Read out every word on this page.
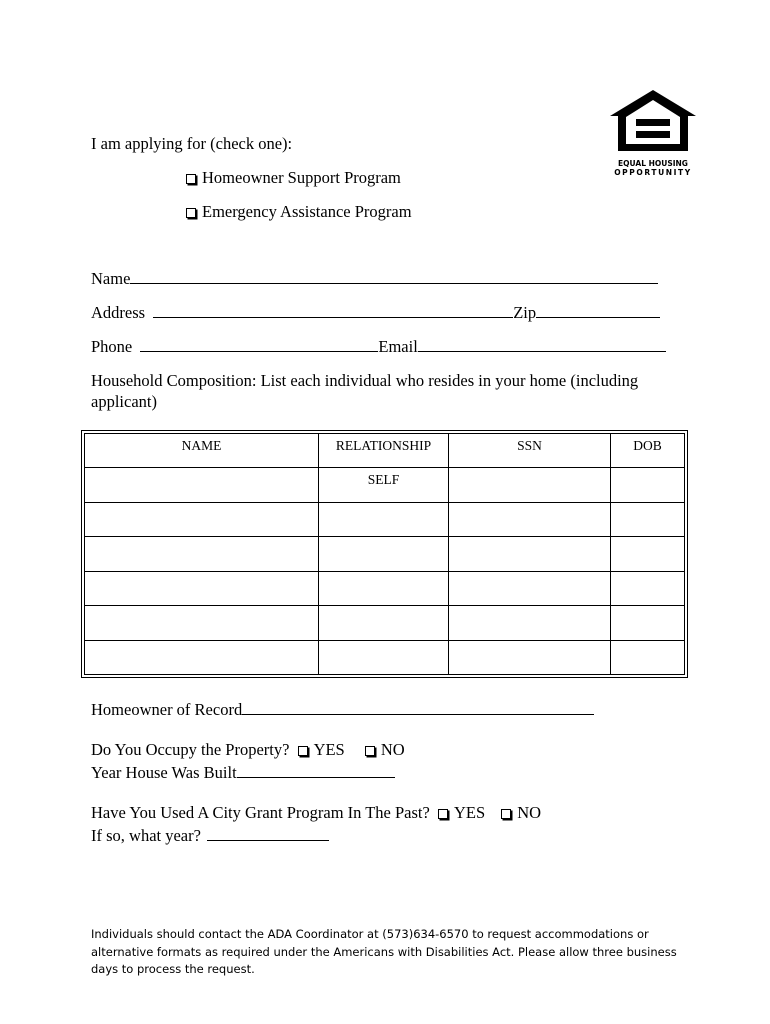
EQUAL HOUSING
OPPORTUNITY
I am applying for (check one):
Homeowner Support Program
Emergency Assistance Program
Name
Address	Zip
Phone	Email
Household Composition: List each individual who resides in your home (including
applicant)
NAME	RELATIONSHIP	SSN	DOB
	SELF		

Homeowner of Record
Do You Occupy the Property? YES NO
Year House Was Built
Have You Used A City Grant Program In The Past? YES NO
If so, what year?
Individuals should contact the ADA Coordinator at (573)634-6570 to request accommodations or
alternative formats as required under the Americans with Disabilities Act. Please allow three business
days to process the request.
